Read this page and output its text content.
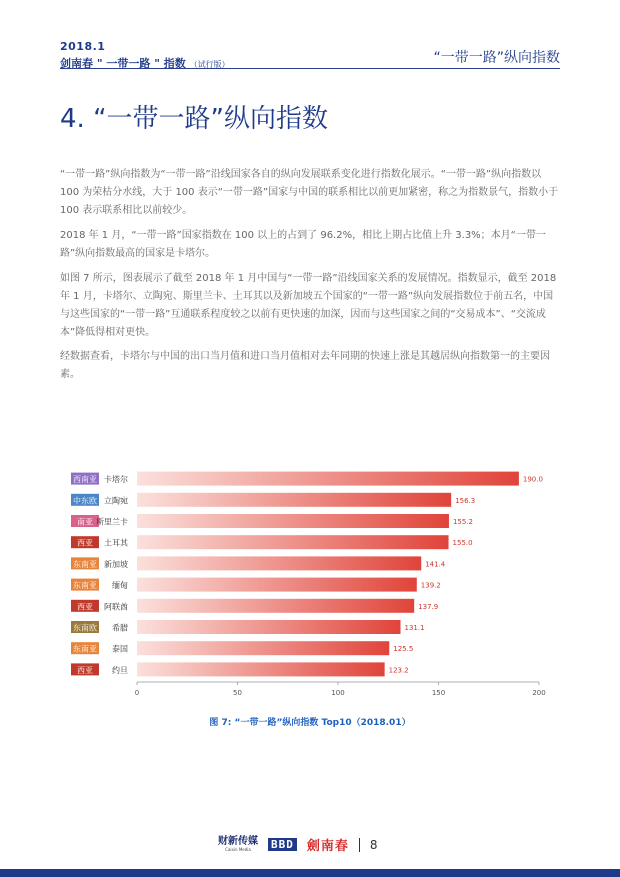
2018.1
剑南春 " 一带一路 " 指数 （试行版）	“一带一路”纵向指数
4. “一带一路”纵向指数

“一带一路”纵向指数为“一带一路”沿线国家各自的纵向发展联系变化进行指数化展示。“一带一路”纵向指数以 100 为荣枯分水线，大于 100 表示“一带一路”国家与中国的联系相比以前更加紧密，称之为指数景气，指数小于 100 表示联系相比以前较少。

2018 年 1 月，“一带一路”国家指数在 100 以上的占到了 96.2%，相比上期占比值上升 3.3%；本月“一带一路”纵向指数最高的国家是卡塔尔。

如图 7 所示，图表展示了截至 2018 年 1 月中国与“一带一路”沿线国家关系的发展情况。指数显示，截至 2018 年 1 月，卡塔尔、立陶宛、斯里兰卡、土耳其以及新加坡五个国家的“一带一路”纵向发展指数位于前五名，中国与这些国家的“一带一路”互通联系程度较之以前有更快速的加深，因而与这些国家之间的“交易成本”、“交流成本”降低得相对更快。

经数据查看，卡塔尔与中国的出口当月值和进口当月值相对去年同期的快速上涨是其越居纵向指数第一的主要因素。

西南亚 卡塔尔	190.0
中东欧 立陶宛	156.3
南亚 斯里兰卡	155.2
西亚 土耳其	155.0
东南亚 新加坡	141.4
东南亚 缅甸	139.2
西亚 阿联酋	137.9
东南欧 希腊	131.1
东南亚 泰国	125.5
西亚 约旦	123.2
0	50	100	150	200
图 7: “一带一路”纵向指数 Top10（2018.01）
财新传媒
Caixin Media	BBD 劍南春 8
